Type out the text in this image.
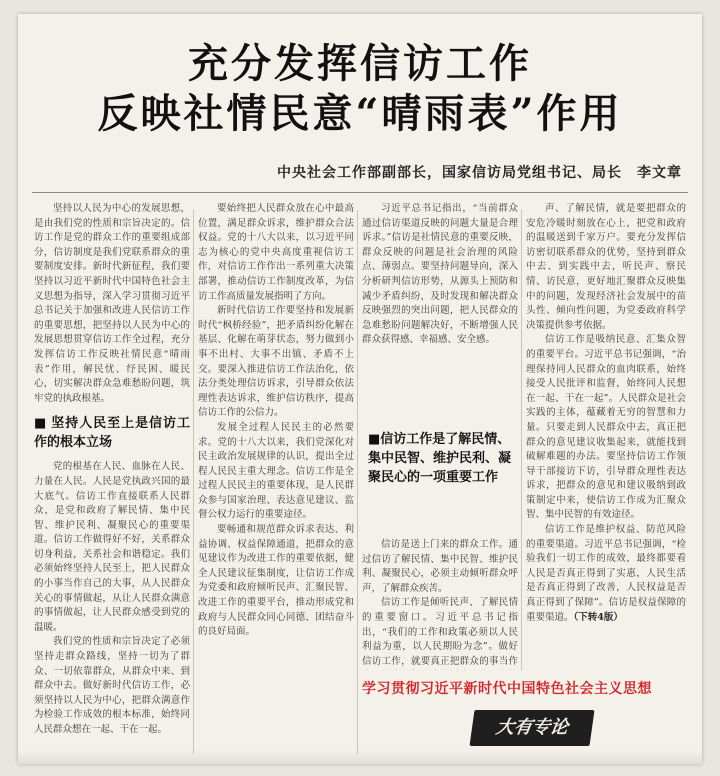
充分发挥信访工作
反映社情民意“晴雨表”作用
中央社会工作部副部长，国家信访局党组书记、局长　李文章

坚持以人民为中心的发展思想，是由我们党的性质和宗旨决定的。信访工作是党的群众工作的重要组成部分，信访制度是我们党联系群众的重要制度安排。新时代新征程，我们要坚持以习近平新时代中国特色社会主义思想为指导，深入学习贯彻习近平总书记关于加强和改进人民信访工作的重要思想，把坚持以人民为中心的发展思想贯穿信访工作全过程，充分发挥信访工作反映社情民意“晴雨表”作用，解民忧、纾民困、暖民心，切实解决群众急难愁盼问题，筑牢党的执政根基。

■ 坚持人民至上是信访工作的根本立场

党的根基在人民、血脉在人民、力量在人民。人民是党执政兴国的最大底气。信访工作直接联系人民群众，是党和政府了解民情、集中民智、维护民利、凝聚民心的重要渠道。信访工作做得好不好，关系群众切身利益，关系社会和谐稳定。我们必须始终坚持人民至上，把人民群众的小事当作自己的大事，从人民群众关心的事情做起，从让人民群众满意的事情做起，让人民群众感受到党的温暖。

我们党的性质和宗旨决定了必须坚持走群众路线，坚持一切为了群众、一切依靠群众，从群众中来、到群众中去。做好新时代信访工作，必须坚持以人民为中心，把群众满意作为检验工作成效的根本标准，始终同人民群众想在一起、干在一起。

要始终把人民群众放在心中最高位置，满足群众诉求，维护群众合法权益。党的十八大以来，以习近平同志为核心的党中央高度重视信访工作，对信访工作作出一系列重大决策部署，推动信访工作制度改革，为信访工作高质量发展指明了方向。

新时代信访工作要坚持和发展新时代“枫桥经验”，把矛盾纠纷化解在基层、化解在萌芽状态，努力做到小事不出村、大事不出镇、矛盾不上交。要深入推进信访工作法治化，依法分类处理信访诉求，引导群众依法理性表达诉求，维护信访秩序，提高信访工作的公信力。

发展全过程人民民主的必然要求。党的十八大以来，我们党深化对民主政治发展规律的认识，提出全过程人民民主重大理念。信访工作是全过程人民民主的重要体现，是人民群众参与国家治理、表达意见建议、监督公权力运行的重要途径。

要畅通和规范群众诉求表达、利益协调、权益保障通道，把群众的意见建议作为改进工作的重要依据，健全人民建议征集制度，让信访工作成为党委和政府倾听民声、汇聚民智、改进工作的重要平台，推动形成党和政府与人民群众同心同德、团结奋斗的良好局面。

习近平总书记指出，“当前群众通过信访渠道反映的问题大量是合理诉求。”信访是社情民意的重要反映，群众反映的问题是社会治理的风险点、薄弱点。要坚持问题导向，深入分析研判信访形势，从源头上预防和减少矛盾纠纷，及时发现和解决群众反映强烈的突出问题，把人民群众的急难愁盼问题解决好，不断增强人民群众获得感、幸福感、安全感。

■信访工作是了解民情、集中民智、维护民利、凝聚民心的一项重要工作

信访是送上门来的群众工作。通过信访了解民情、集中民智、维护民利、凝聚民心，必须主动倾听群众呼声，了解群众疾苦。

信访工作是倾听民声、了解民情的重要窗口。习近平总书记指出，“我们的工作和政策必须以人民利益为重，以人民期盼为念”。做好信访工作，就要真正把群众的事当作

声、了解民情，就是要把群众的安危冷暖时刻放在心上，把党和政府的温暖送到千家万户。要充分发挥信访密切联系群众的优势，坚持到群众中去、到实践中去，听民声、察民情、访民意，更好地汇聚群众反映集中的问题，发现经济社会发展中的苗头性、倾向性问题，为党委政府科学决策提供参考依据。

信访工作是吸纳民意、汇集众智的重要平台。习近平总书记强调，“治理保持同人民群众的血肉联系，始终接受人民批评和监督，始终同人民想在一起、干在一起”。人民群众是社会实践的主体，蕴藏着无穷的智慧和力量。只要走到人民群众中去，真正把群众的意见建议收集起来，就能找到破解难题的办法。要坚持信访工作领导干部接访下访，引导群众理性表达诉求，把群众的意见和建议吸纳到政策制定中来，使信访工作成为汇聚众智、集中民智的有效途径。

信访工作是维护权益、防范风险的重要渠道。习近平总书记强调，“检验我们一切工作的成效，最终都要看人民是否真正得到了实惠，人民生活是否真正得到了改善，人民权益是否真正得到了保障”。信访是权益保障的重要渠道。（下转4版）

学习贯彻习近平新时代中国特色社会主义思想
大有专论
